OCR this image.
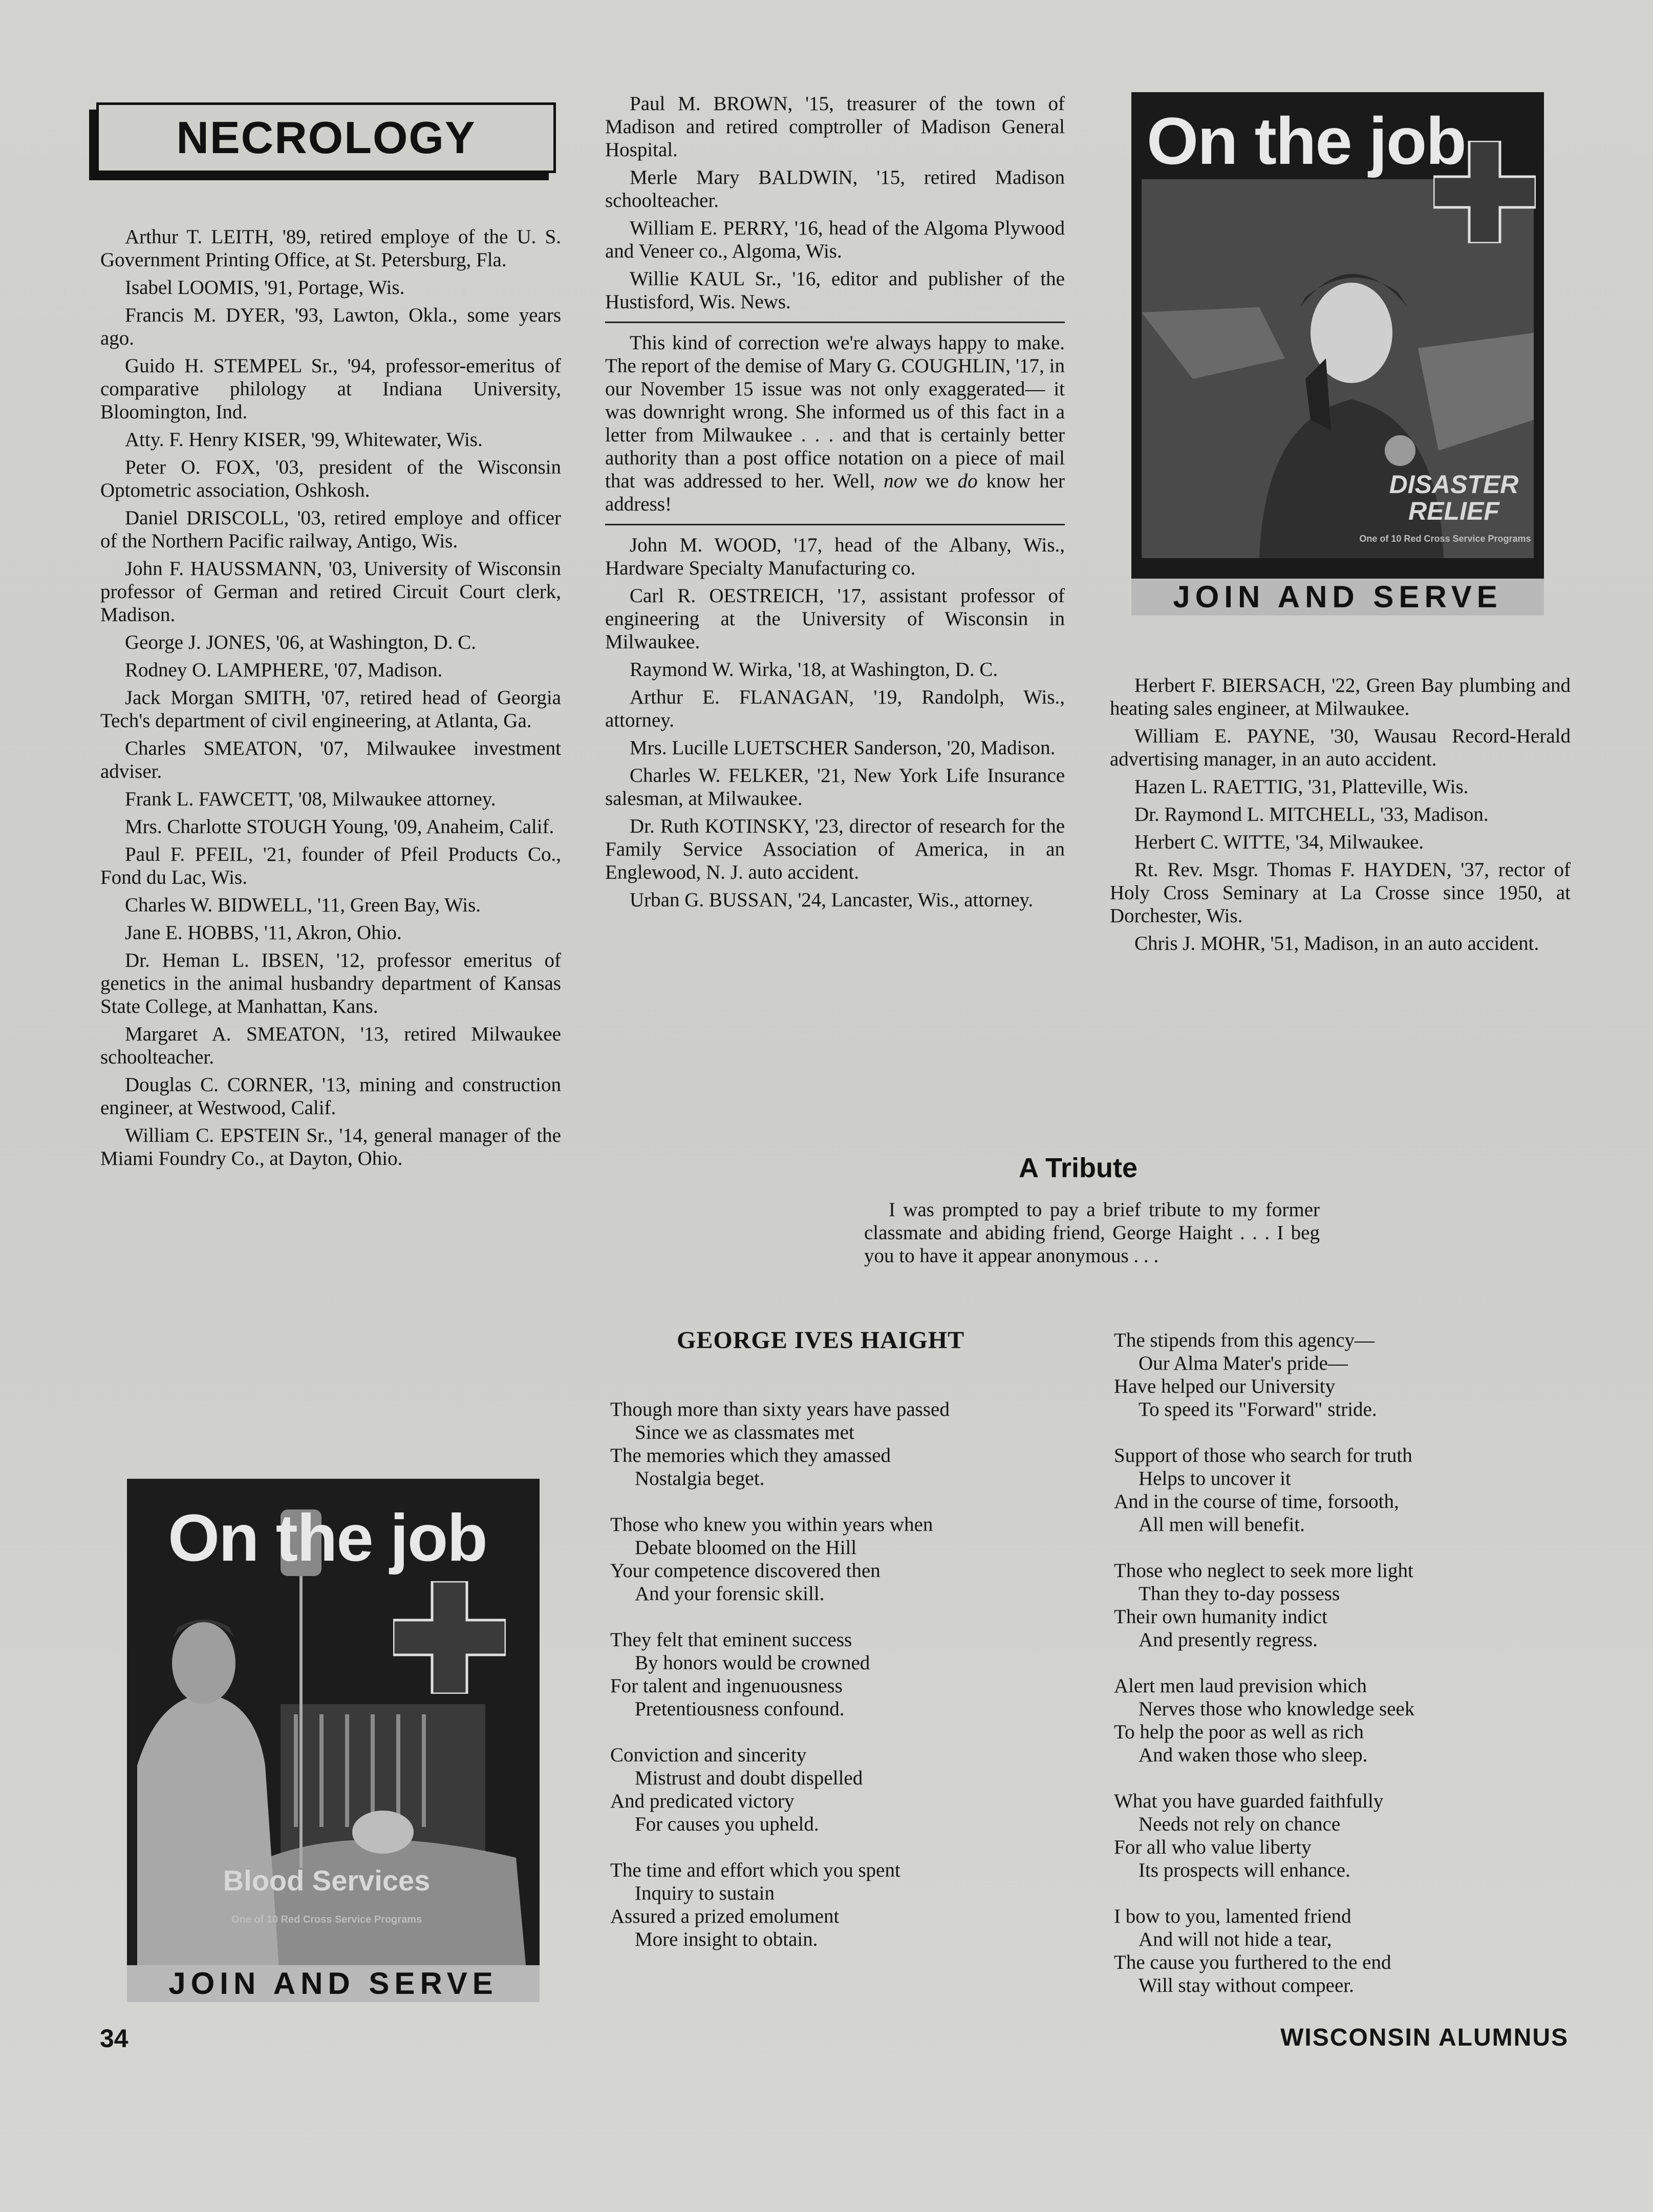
NECROLOGY

Arthur T. LEITH, '89, retired employe of the U. S. Government Printing Office, at St. Petersburg, Fla.

Isabel LOOMIS, '91, Portage, Wis.

Francis M. DYER, '93, Lawton, Okla., some years ago.

Guido H. STEMPEL Sr., '94, professor-emeritus of comparative philology at Indiana University, Bloomington, Ind.

Atty. F. Henry KISER, '99, Whitewater, Wis.

Peter O. FOX, '03, president of the Wisconsin Optometric association, Oshkosh.

Daniel DRISCOLL, '03, retired employe and officer of the Northern Pacific railway, Antigo, Wis.

John F. HAUSSMANN, '03, University of Wisconsin professor of German and retired Circuit Court clerk, Madison.

George J. JONES, '06, at Washington, D. C.

Rodney O. LAMPHERE, '07, Madison.

Jack Morgan SMITH, '07, retired head of Georgia Tech's department of civil engineering, at Atlanta, Ga.

Charles SMEATON, '07, Milwaukee investment adviser.

Frank L. FAWCETT, '08, Milwaukee attorney.

Mrs. Charlotte STOUGH Young, '09, Anaheim, Calif.

Paul F. PFEIL, '21, founder of Pfeil Products Co., Fond du Lac, Wis.

Charles W. BIDWELL, '11, Green Bay, Wis.

Jane E. HOBBS, '11, Akron, Ohio.

Dr. Heman L. IBSEN, '12, professor emeritus of genetics in the animal husbandry department of Kansas State College, at Manhattan, Kans.

Margaret A. SMEATON, '13, retired Milwaukee schoolteacher.

Douglas C. CORNER, '13, mining and construction engineer, at Westwood, Calif.

William C. EPSTEIN Sr., '14, general manager of the Miami Foundry Co., at Dayton, Ohio.

Paul M. BROWN, '15, treasurer of the town of Madison and retired comptroller of Madison General Hospital.

Merle Mary BALDWIN, '15, retired Madison schoolteacher.

William E. PERRY, '16, head of the Algoma Plywood and Veneer co., Algoma, Wis.

Willie KAUL Sr., '16, editor and publisher of the Hustisford, Wis. News.

This kind of correction we're always happy to make. The report of the demise of Mary G. COUGHLIN, '17, in our November 15 issue was not only exaggerated— it was downright wrong. She informed us of this fact in a letter from Milwaukee . . . and that is certainly better authority than a post office notation on a piece of mail that was addressed to her. Well, now we do know her address!

John M. WOOD, '17, head of the Albany, Wis., Hardware Specialty Manufacturing co.

Carl R. OESTREICH, '17, assistant professor of engineering at the University of Wisconsin in Milwaukee.

Raymond W. Wirka, '18, at Washington, D. C.

Arthur E. FLANAGAN, '19, Randolph, Wis., attorney.

Mrs. Lucille LUETSCHER Sanderson, '20, Madison.

Charles W. FELKER, '21, New York Life Insurance salesman, at Milwaukee.

Dr. Ruth KOTINSKY, '23, director of research for the Family Service Association of America, in an Englewood, N. J. auto accident.

Urban G. BUSSAN, '24, Lancaster, Wis., attorney.

On the job
DISASTER
RELIEF
One of 10 Red Cross Service Programs
JOIN AND SERVE

Herbert F. BIERSACH, '22, Green Bay plumbing and heating sales engineer, at Milwaukee.

William E. PAYNE, '30, Wausau Record-Herald advertising manager, in an auto accident.

Hazen L. RAETTIG, '31, Platteville, Wis.

Dr. Raymond L. MITCHELL, '33, Madison.

Herbert C. WITTE, '34, Milwaukee.

Rt. Rev. Msgr. Thomas F. HAYDEN, '37, rector of Holy Cross Seminary at La Crosse since 1950, at Dorchester, Wis.

Chris J. MOHR, '51, Madison, in an auto accident.

On the job
Blood Services
One of 10 Red Cross Service Programs
JOIN AND SERVE
A Tribute

I was prompted to pay a brief tribute to my former classmate and abiding friend, George Haight . . . I beg you to have it appear anonymous . . .

GEORGE IVES HAIGHT
Though more than sixty years have passed
Since we as classmates met
The memories which they amassed
Nostalgia beget.
Those who knew you within years when
Debate bloomed on the Hill
Your competence discovered then
And your forensic skill.
They felt that eminent success
By honors would be crowned
For talent and ingenuousness
Pretentiousness confound.
Conviction and sincerity
Mistrust and doubt dispelled
And predicated victory
For causes you upheld.
The time and effort which you spent
Inquiry to sustain
Assured a prized emolument
More insight to obtain.
The stipends from this agency—
Our Alma Mater's pride—
Have helped our University
To speed its "Forward" stride.
Support of those who search for truth
Helps to uncover it
And in the course of time, forsooth,
All men will benefit.
Those who neglect to seek more light
Than they to-day possess
Their own humanity indict
And presently regress.
Alert men laud prevision which
Nerves those who knowledge seek
To help the poor as well as rich
And waken those who sleep.
What you have guarded faithfully
Needs not rely on chance
For all who value liberty
Its prospects will enhance.
I bow to you, lamented friend
And will not hide a tear,
The cause you furthered to the end
Will stay without compeer.
34	WISCONSIN ALUMNUS
